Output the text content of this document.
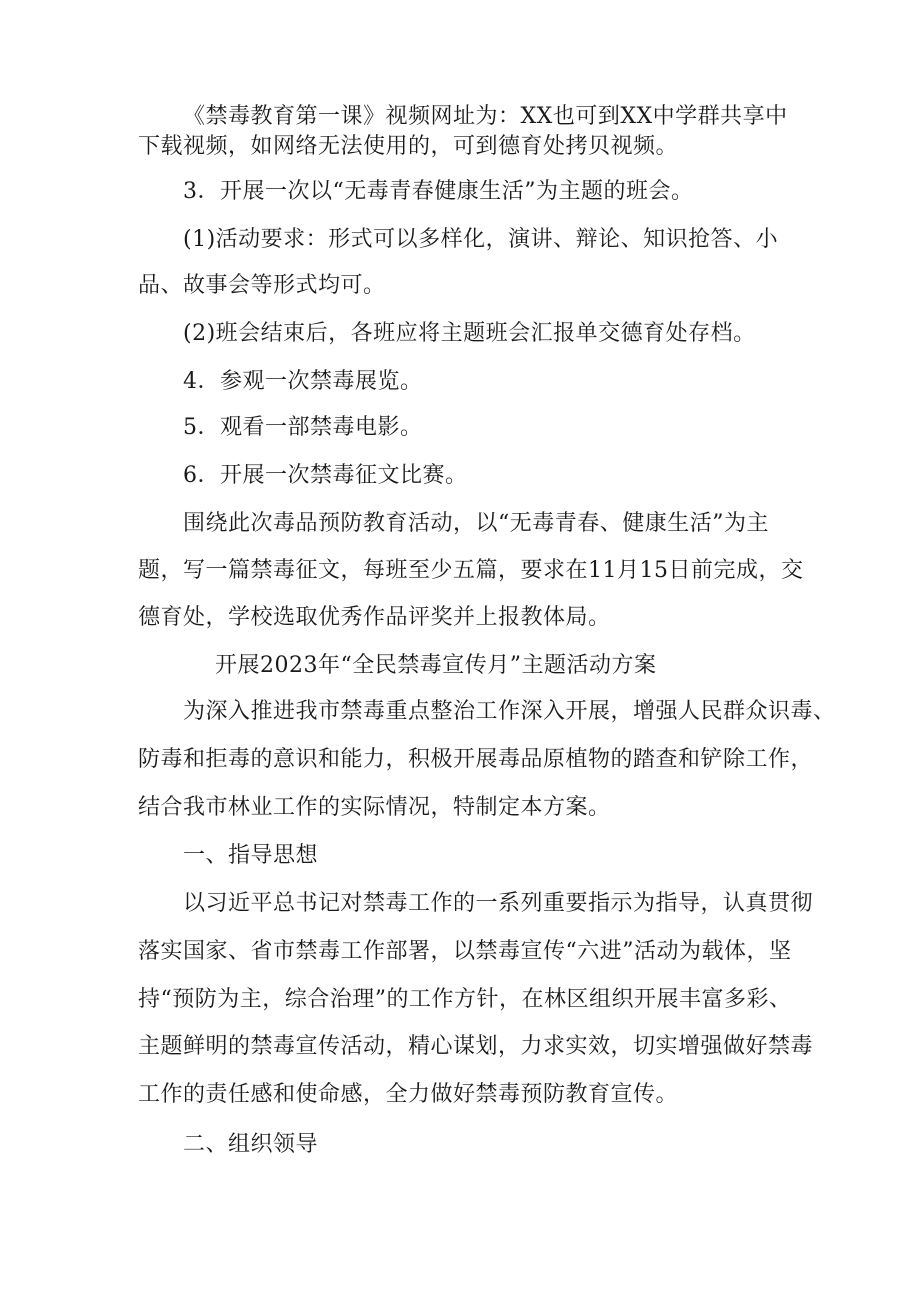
《禁毒教育第一课》视频网址为：XX也可到XX中学群共享中
下载视频，如网络无法使用的，可到德育处拷贝视频。
3．开展一次以“无毒青春健康生活”为主题的班会。
(1)活动要求：形式可以多样化，演讲、辩论、知识抢答、小
品、故事会等形式均可。
(2)班会结束后，各班应将主题班会汇报单交德育处存档。
4．参观一次禁毒展览。
5．观看一部禁毒电影。
6．开展一次禁毒征文比赛。
围绕此次毒品预防教育活动，以“无毒青春、健康生活”为主
题，写一篇禁毒征文，每班至少五篇，要求在11月15日前完成，交
德育处，学校选取优秀作品评奖并上报教体局。
开展2023年“全民禁毒宣传月”主题活动方案
为深入推进我市禁毒重点整治工作深入开展，增强人民群众识毒、
防毒和拒毒的意识和能力，积极开展毒品原植物的踏查和铲除工作，
结合我市林业工作的实际情况，特制定本方案。
一、指导思想
以习近平总书记对禁毒工作的一系列重要指示为指导，认真贯彻
落实国家、省市禁毒工作部署，以禁毒宣传“六进”活动为载体，坚
持“预防为主，综合治理”的工作方针，在林区组织开展丰富多彩、
主题鲜明的禁毒宣传活动，精心谋划，力求实效，切实增强做好禁毒
工作的责任感和使命感，全力做好禁毒预防教育宣传。
二、组织领导
